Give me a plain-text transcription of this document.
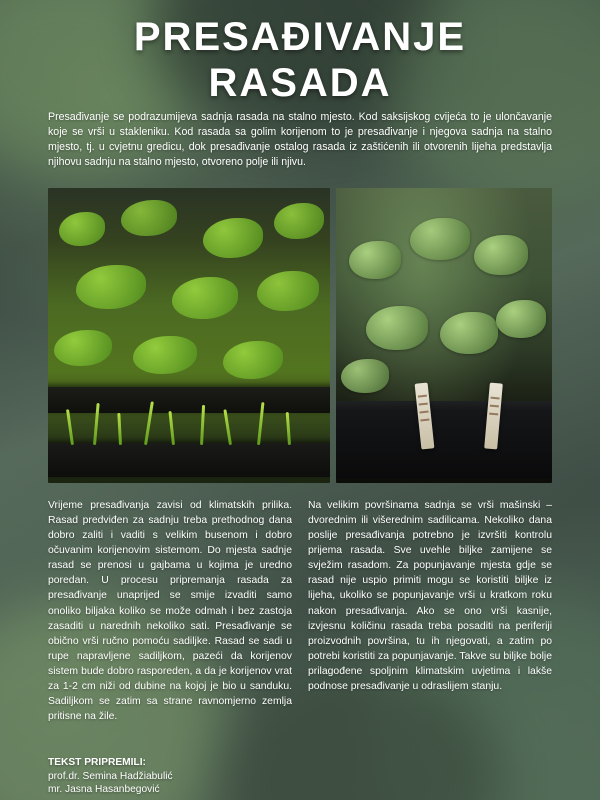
PRESAĐIVANJE
RASADA
Presađivanje se podrazumijeva sadnja rasada na stalno mjesto. Kod saksijskog cvijeća to je ulončavanje koje se vrši u stakleniku. Kod rasada sa golim korijenom to je presađivanje i njegova sadnja na stalno mjesto, tj. u cvjetnu gredicu, dok presađivanje ostalog rasada iz zaštićenih ili otvorenih lijeha predstavlja njihovu sadnju na stalno mjesto, otvoreno polje ili njivu.

Vrijeme presađivanja zavisi od klimatskih prilika. Rasad predviđen za sadnju treba prethodnog dana dobro zaliti i vaditi s velikim busenom i dobro očuvanim korijenovim sistemom. Do mjesta sadnje rasad se prenosi u gajbama u kojima je uredno poredan. U procesu pripremanja rasada za presađivanje unaprijed se smije izvaditi samo onoliko biljaka koliko se može odmah i bez zastoja zasaditi u narednih nekoliko sati. Presađivanje se obično vrši ručno pomoću sadiljke. Rasad se sadi u rupe napravljene sadiljkom, pazeći da korijenov sistem bude dobro rasporeden, a da je korijenov vrat za 1-2 cm niži od dubine na kojoj je bio u sanduku. Sadiljkom se zatim sa strane ravnomjerno zemlja pritisne na žile.

Na velikim površinama sadnja se vrši mašinski – dvorednim ili višerednim sadilicama. Nekoliko dana poslije presađivanja potrebno je izvršiti kontrolu prijema rasada. Sve uvehle biljke zamijene se svježim rasadom. Za popunjavanje mjesta gdje se rasad nije uspio primiti mogu se koristiti biljke iz lijeha, ukoliko se popunjavanje vrši u kratkom roku nakon presađivanja. Ako se ono vrši kasnije, izvjesnu količinu rasada treba posaditi na periferiji proizvodnih površina, tu ih njegovati, a zatim po potrebi koristiti za popunjavanje. Takve su biljke bolje prilagođene spoljnim klimatskim uvjetima i lakše podnose presađivanje u odraslijem stanju.

TEKST PRIPREMILI:
prof.dr. Semina Hadžiabulić
mr. Jasna Hasanbegović
